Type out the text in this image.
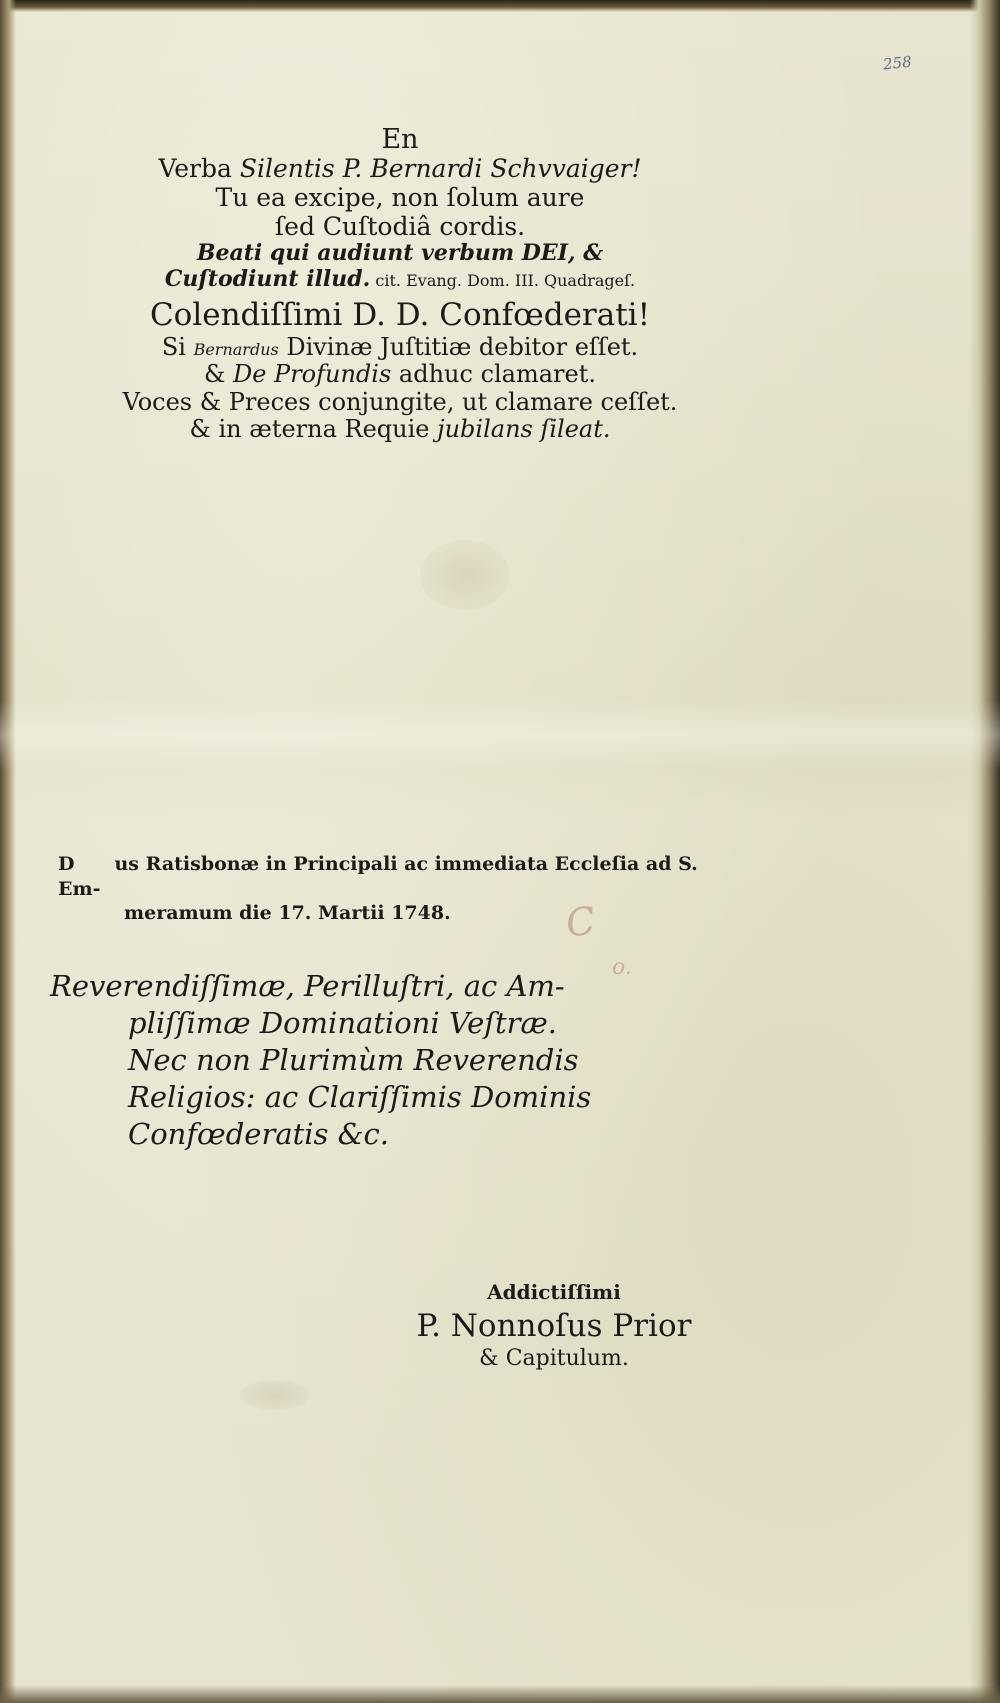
258
En
Verba Silentis P. Bernardi Schvvaiger!
Tu ea excipe, non ſolum aure
ſed Cuſtodiâ cordis.
Beati qui audiunt verbum DEI, &
Cuſtodiunt illud. cit. Evang. Dom. III. Quadrageſ.
Colendiſſimi D. D. Confœderati!
Si Bernardus Divinæ Juſtitiæ debitor eſſet.
& De Profundis adhuc clamaret.
Voces & Preces conjungite, ut clamare ceſſet.
& in æterna Requie jubilans ſileat.
D us Ratisbonæ in Principali ac immediata Eccleſia ad S. Em-
meramum die 17. Martii 1748.	C
o.
Reverendiſſimæ, Perilluſtri, ac Am-
pliſſimæ Dominationi Veſtræ.
Nec non Plurimùm Reverendis
Religios: ac Clariſſimis Dominis
Confœderatis &c.
Addictiſſimi
P. Nonnoſus Prior
& Capitulum.
